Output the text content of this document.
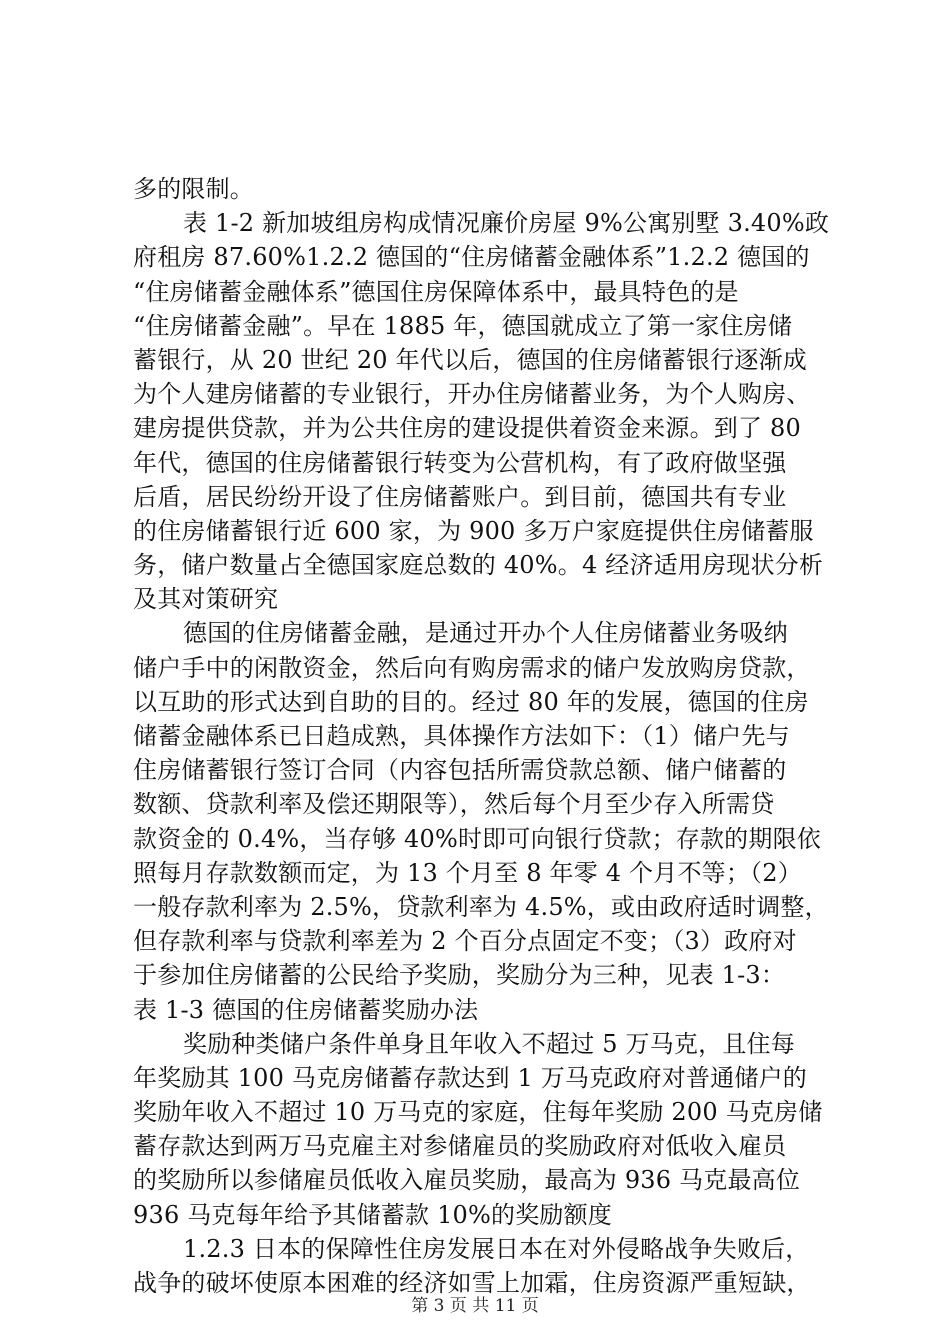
多的限制。
表 1-2 新加坡组房构成情况廉价房屋 9%公寓别墅 3.40%政
府租房 87.60%1.2.2 德国的“住房储蓄金融体系”1.2.2 德国的
“住房储蓄金融体系”德国住房保障体系中，最具特色的是
“住房储蓄金融”。早在 1885 年，德国就成立了第一家住房储
蓄银行，从 20 世纪 20 年代以后，德国的住房储蓄银行逐渐成
为个人建房储蓄的专业银行，开办住房储蓄业务，为个人购房、
建房提供贷款，并为公共住房的建设提供着资金来源。到了 80
年代，德国的住房储蓄银行转变为公营机构，有了政府做坚强
后盾，居民纷纷开设了住房储蓄账户。到目前，德国共有专业
的住房储蓄银行近 600 家，为 900 多万户家庭提供住房储蓄服
务，储户数量占全德国家庭总数的 40%。4 经济适用房现状分析
及其对策研究
德国的住房储蓄金融，是通过开办个人住房储蓄业务吸纳
储户手中的闲散资金，然后向有购房需求的储户发放购房贷款，
以互助的形式达到自助的目的。经过 80 年的发展，德国的住房
储蓄金融体系已日趋成熟，具体操作方法如下：（1）储户先与
住房储蓄银行签订合同（内容包括所需贷款总额、储户储蓄的
数额、贷款利率及偿还期限等），然后每个月至少存入所需贷
款资金的 0.4%，当存够 40%时即可向银行贷款；存款的期限依
照每月存款数额而定，为 13 个月至 8 年零 4 个月不等；（2）
一般存款利率为 2.5%，贷款利率为 4.5%，或由政府适时调整，
但存款利率与贷款利率差为 2 个百分点固定不变；（3）政府对
于参加住房储蓄的公民给予奖励，奖励分为三种，见表 1-3：
表 1-3 德国的住房储蓄奖励办法
奖励种类储户条件单身且年收入不超过 5 万马克，且住每
年奖励其 100 马克房储蓄存款达到 1 万马克政府对普通储户的
奖励年收入不超过 10 万马克的家庭，住每年奖励 200 马克房储
蓄存款达到两万马克雇主对参储雇员的奖励政府对低收入雇员
的奖励所以参储雇员低收入雇员奖励，最高为 936 马克最高位
936 马克每年给予其储蓄款 10%的奖励额度
1.2.3 日本的保障性住房发展日本在对外侵略战争失败后，
战争的破坏使原本困难的经济如雪上加霜，住房资源严重短缺，
第 3 页 共 11 页
